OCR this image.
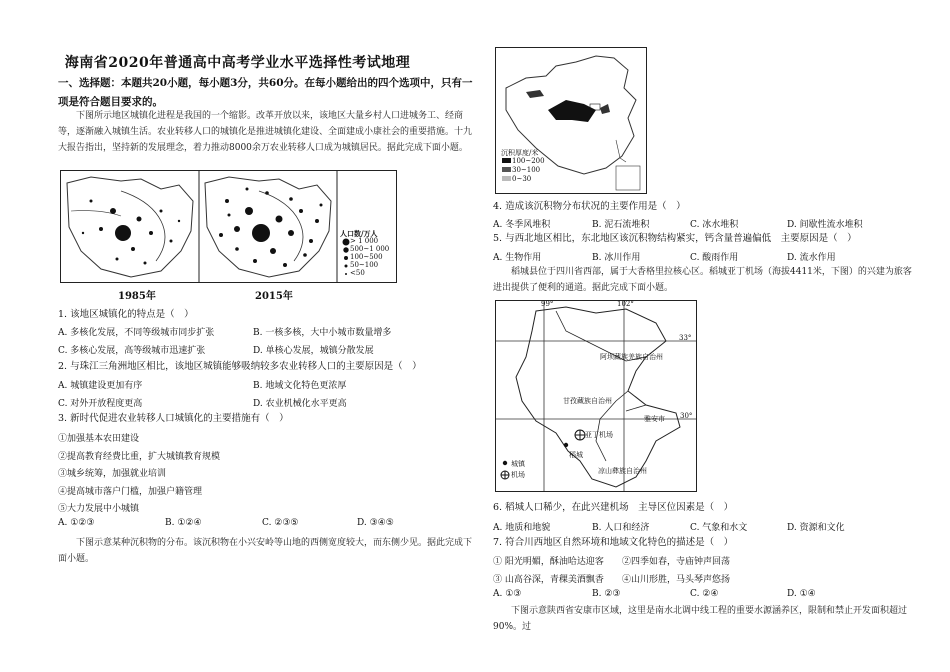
海南省2020年普通高中高考学业水平选择性考试地理
一、选择题：本题共20小题，每小题3分，共60分。在每小题给出的四个选项中，只有一项是符合题目要求的。
下图所示地区城镇化进程是我国的一个缩影。改革开放以来，该地区大量乡村人口进城务工、经商等，逐渐融入城镇生活。农业转移人口的城镇化是推进城镇化建设、全面建成小康社会的重要措施。十九大报告指出，坚持新的发展理念，着力推动8000余万农业转移人口成为城镇居民。据此完成下面小题。
人口数/万人
> 1 000
500~1 000
100~500
50~100
<50
1985年	2015年
1. 该地区城镇化的特点是（　）
A. 多核化发展，不同等级城市同步扩张	B. 一核多核，大中小城市数量增多
C. 多核心发展，高等级城市迅速扩张	D. 单核心发展，城镇分散发展
2. 与珠江三角洲地区相比，该地区城镇能够吸纳较多农业转移人口的主要原因是（　）
A. 城镇建设更加有序	B. 地域文化特色更浓厚
C. 对外开放程度更高	D. 农业机械化水平更高
3. 新时代促进农业转移人口城镇化的主要措施有（　）
①加强基本农田建设
②提高教育经费比重，扩大城镇教育规模
③城乡统筹，加强就业培训
④提高城市落户门槛，加强户籍管理
⑤大力发展中小城镇
A. ①②③	B. ①②④	C. ②③⑤	D. ③④⑤
下图示意某种沉积物的分布。该沉积物在小兴安岭等山地的西侧宽度较大，而东侧少见。据此完成下面小题。
沉积厚度/米
100~200
30~100
0~30
4. 造成该沉积物分布状况的主要作用是（　）
A. 冬季风堆积	B. 泥石流堆积	C. 冰水堆积	D. 间歇性流水堆积
5. 与西北地区相比，东北地区该沉积物结构紧实，钙含量普遍偏低　主要原因是（　）
A. 生物作用	B. 冰川作用	C. 酸雨作用	D. 流水作用
稻城县位于四川省西部，属于大香格里拉核心区。稻城亚丁机场（海拔4411米，下图）的兴建为旅客进出提供了便利的通道。据此完成下面小题。
99°	102°
33°
30°
阿坝藏族羌族自治州
甘孜藏族自治州
雅安市
亚丁机场
稻城
凉山彝族自治州
城镇
机场
6. 稻城人口稀少，在此兴建机场　主导区位因素是（　）
A. 地质和地貌	B. 人口和经济	C. 气象和水文	D. 资源和文化
7. 符合川西地区自然环境和地域文化特色的描述是（　）
① 阳光明媚，酥油哈达迎客 ②四季如春，寺庙钟声回荡
③ 山高谷深，青稞美酒飘香 ④山川形胜，马头琴声悠扬
A. ①③	B. ②③	C. ②④	D. ①④
下图示意陕西省安康市区域，这里是南水北调中线工程的重要水源涵养区，限制和禁止开发面积超过90%。过
